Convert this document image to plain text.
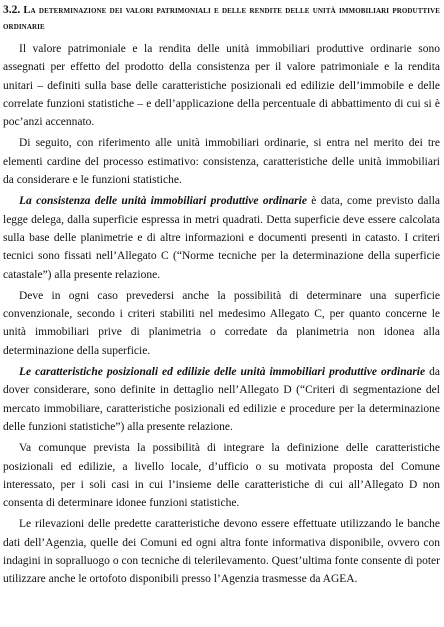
3.2. La determinazione dei valori patrimoniali e delle rendite delle unità immobiliari produttive ordinarie

Il valore patrimoniale e la rendita delle unità immobiliari produttive ordinarie sono assegnati per effetto del prodotto della consistenza per il valore patrimoniale e la rendita unitari – definiti sulla base delle caratteristiche posizionali ed edilizie dell’immobile e delle correlate funzioni statistiche – e dell’applicazione della percentuale di abbattimento di cui si è poc’anzi accennato.

Di seguito, con riferimento alle unità immobiliari ordinarie, si entra nel merito dei tre elementi cardine del processo estimativo: consistenza, caratteristiche delle unità immobiliari da considerare e le funzioni statistiche.

La consistenza delle unità immobiliari produttive ordinarie è data, come previsto dalla legge delega, dalla superficie espressa in metri quadrati. Detta superficie deve essere calcolata sulla base delle planimetrie e di altre informazioni e documenti presenti in catasto. I criteri tecnici sono fissati nell’Allegato C (“Norme tecniche per la determinazione della superficie catastale”) alla presente relazione.

Deve in ogni caso prevedersi anche la possibilità di determinare una superficie convenzionale, secondo i criteri stabiliti nel medesimo Allegato C, per quanto concerne le unità immobiliari prive di planimetria o corredate da planimetria non idonea alla determinazione della superficie.

Le caratteristiche posizionali ed edilizie delle unità immobiliari produttive ordinarie da dover considerare, sono definite in dettaglio nell’Allegato D (“Criteri di segmentazione del mercato immobiliare, caratteristiche posizionali ed edilizie e procedure per la determinazione delle funzioni statistiche”) alla presente relazione.

Va comunque prevista la possibilità di integrare la definizione delle caratteristiche posizionali ed edilizie, a livello locale, d’ufficio o su motivata proposta del Comune interessato, per i soli casi in cui l’insieme delle caratteristiche di cui all’Allegato D non consenta di determinare idonee funzioni statistiche.

Le rilevazioni delle predette caratteristiche devono essere effettuate utilizzando le banche dati dell’Agenzia, quelle dei Comuni ed ogni altra fonte informativa disponibile, ovvero con indagini in sopralluogo o con tecniche di telerilevamento. Quest’ultima fonte consente di poter utilizzare anche le ortofoto disponibili presso l’Agenzia trasmesse da AGEA.
